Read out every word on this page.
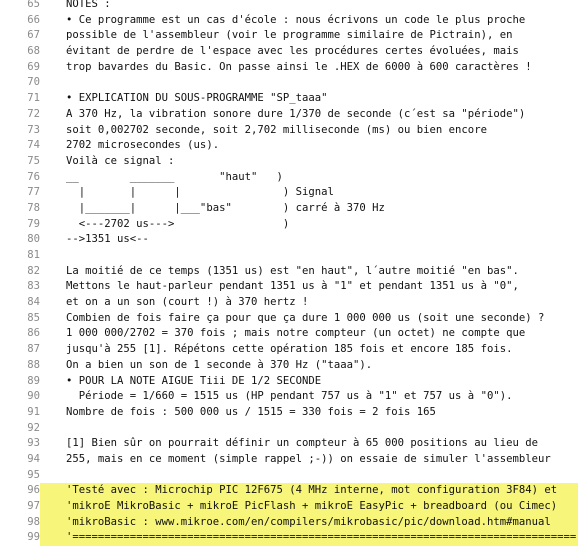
65 NOTES :
66 • Ce programme est un cas d'école : nous écrivons un code le plus proche
67 possible de l'assembleur (voir le programme similaire de Pictrain), en
68 évitant de perdre de l'espace avec les procédures certes évoluées, mais
69 trop bavardes du Basic. On passe ainsi le .HEX de 6000 à 600 caractères !
70
71 • EXPLICATION DU SOUS-PROGRAMME "SP_taaa"
72 A 370 Hz, la vibration sonore dure 1/370 de seconde (c´est sa "période")
73 soit 0,002702 seconde, soit 2,702 milliseconde (ms) ou bien encore
74 2702 microsecondes (us).
75 Voilà ce signal :
76 __        _______       "haut"   )
77 |       |      |                ) Signal
78 |_______|      |___"bas"        ) carré à 370 Hz
79 <---2702 us--->                 )
80 -->1351 us<--
81
82 La moitié de ce temps (1351 us) est "en haut", l´autre moitié "en bas".
83 Mettons le haut-parleur pendant 1351 us à "1" et pendant 1351 us à "0",
84 et on a un son (court !) à 370 hertz !
85 Combien de fois faire ça pour que ça dure 1 000 000 us (soit une seconde) ?
86 1 000 000/2702 = 370 fois ; mais notre compteur (un octet) ne compte que
87 jusqu'à 255 [1]. Répétons cette opération 185 fois et encore 185 fois.
88 On a bien un son de 1 seconde à 370 Hz ("taaa").
89 • POUR LA NOTE AIGUE Tiii DE 1/2 SECONDE
90 Période = 1/660 = 1515 us (HP pendant 757 us à "1" et 757 us à "0").
91 Nombre de fois : 500 000 us / 1515 = 330 fois = 2 fois 165
92
93 [1] Bien sûr on pourrait définir un compteur à 65 000 positions au lieu de
94 255, mais en ce moment (simple rappel ;-)) on essaie de simuler l'assembleur
95
96 'Testé avec : Microchip PIC 12F675 (4 MHz interne, mot configuration 3F84) et
97 'mikroE MikroBasic + mikroE PicFlash + mikroE EasyPic + breadboard (ou Cimec)
98 'mikroBasic : www.mikroe.com/en/compilers/mikrobasic/pic/download.htm#manual
99 '===============================================================================
